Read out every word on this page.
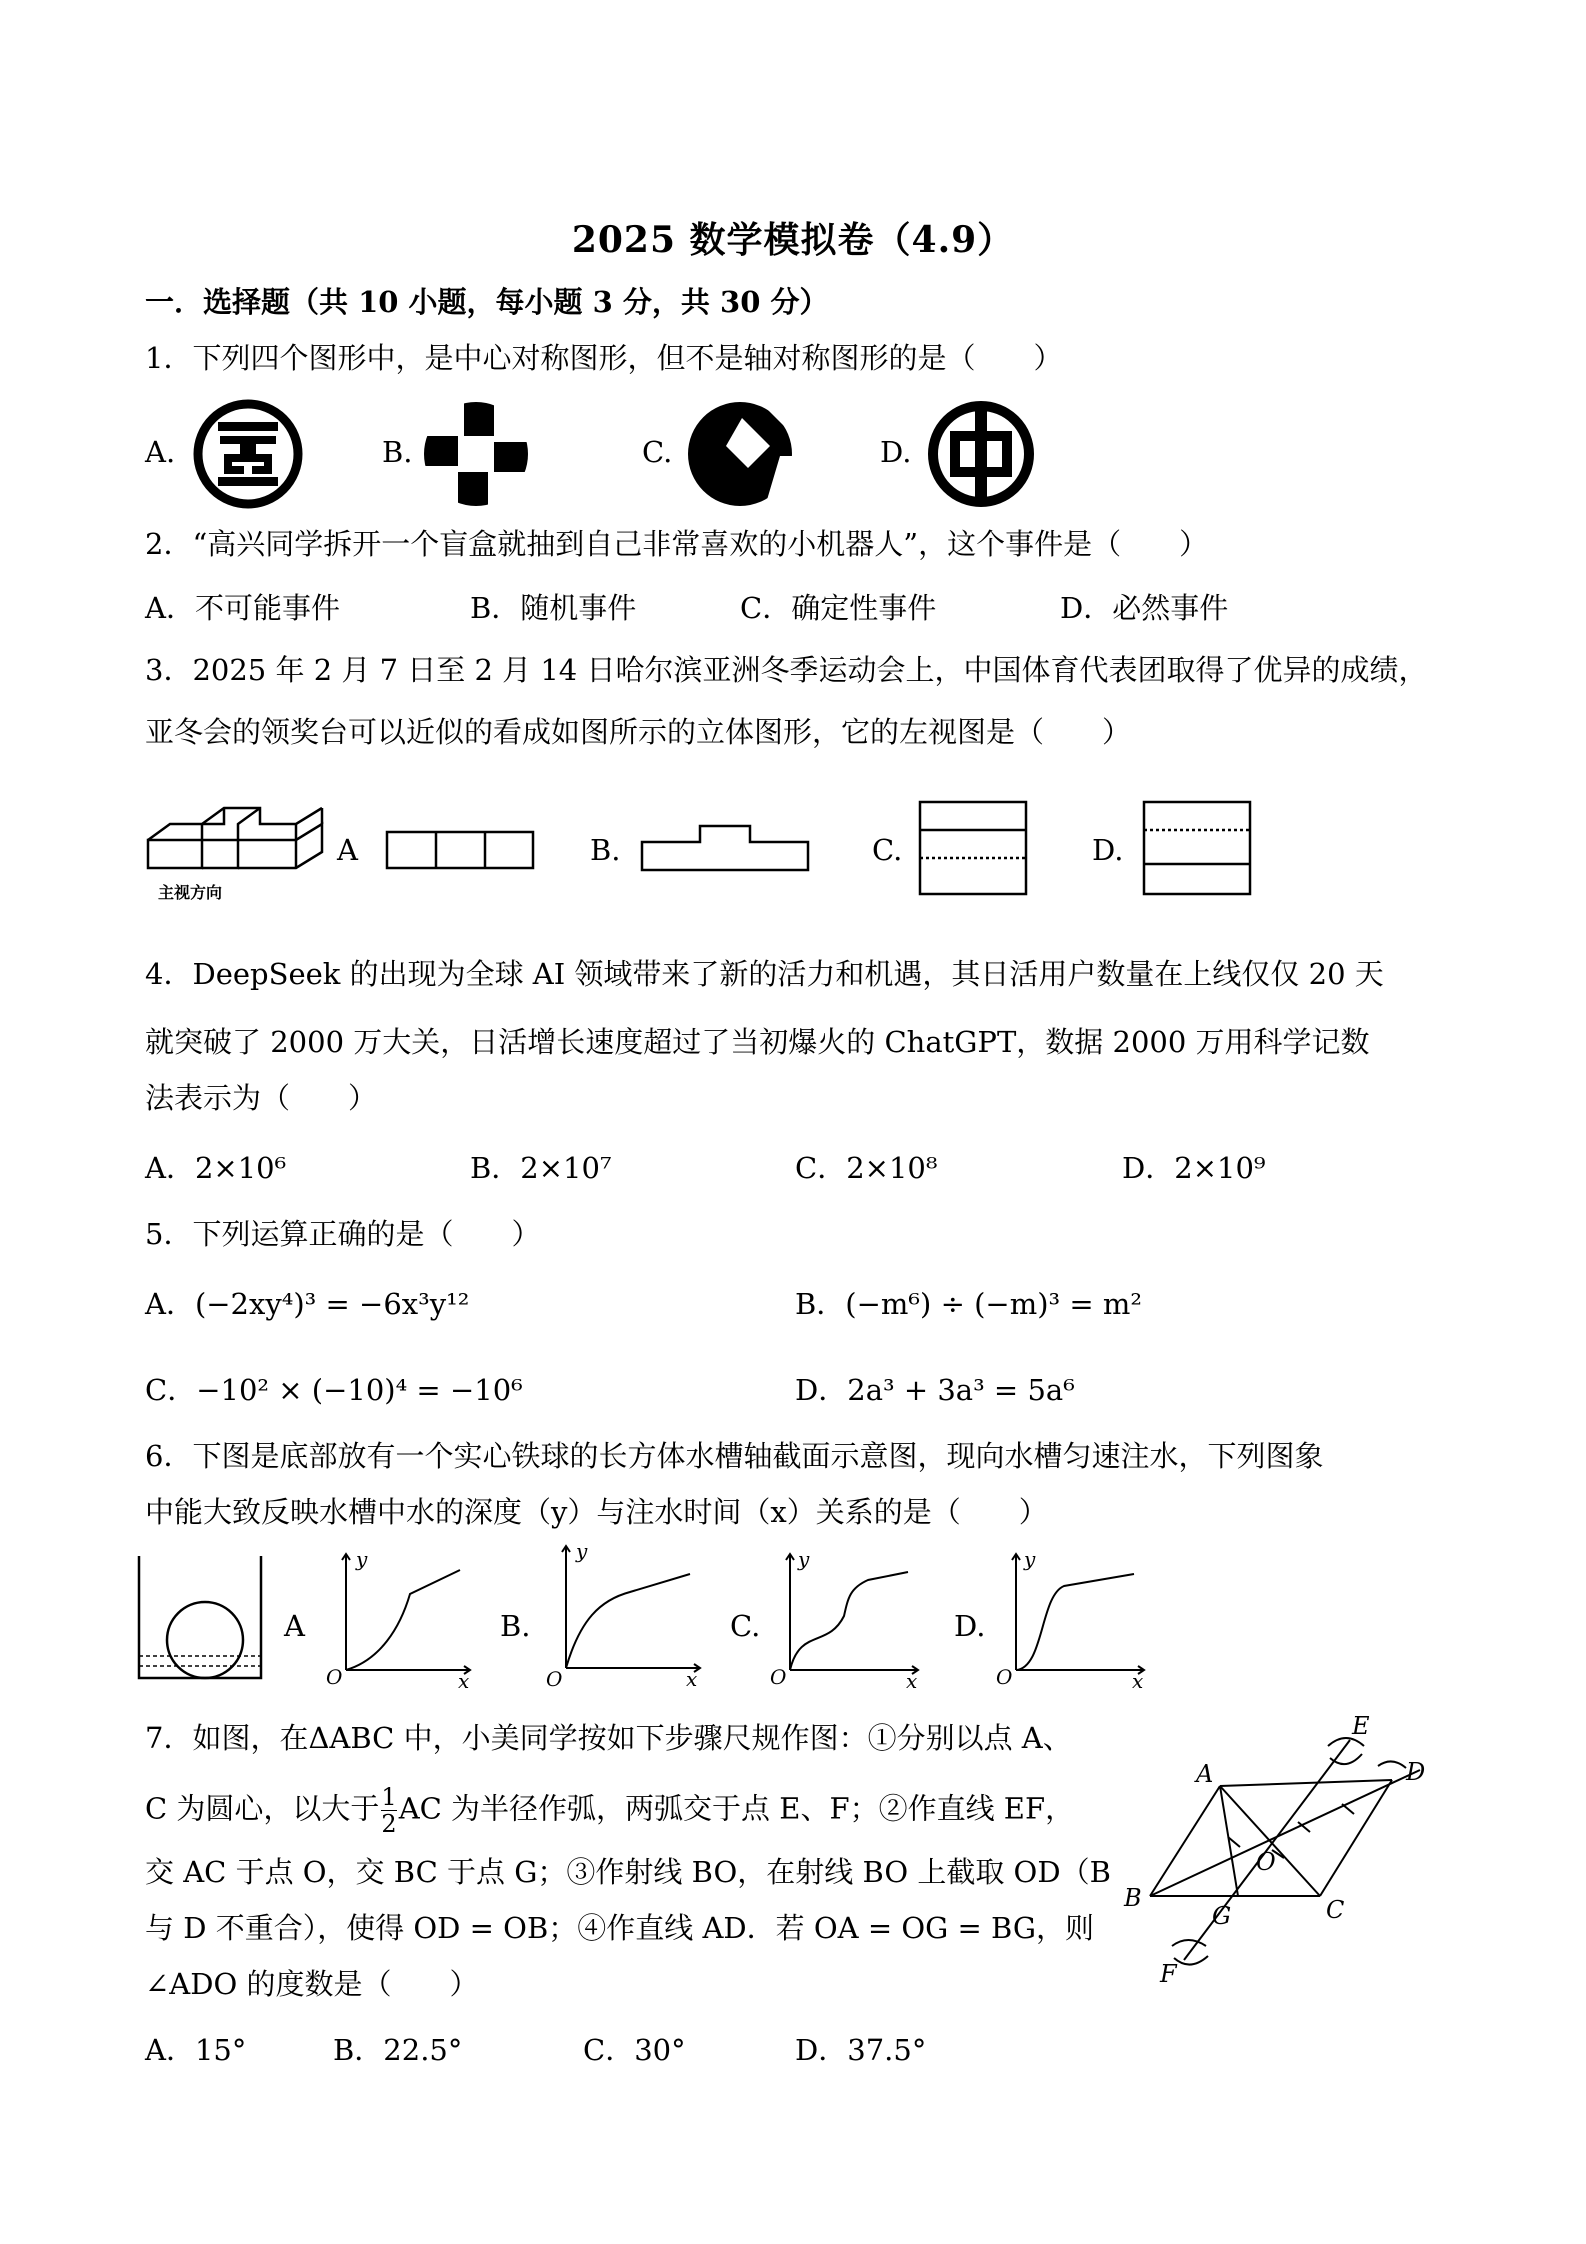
2025 数学模拟卷（4.9）
一．选择题（共 10 小题，每小题 3 分，共 30 分）
1．下列四个图形中，是中心对称图形，但不是轴对称图形的是（　　）
A.	B.	C.	D.
2．“高兴同学拆开一个盲盒就抽到自己非常喜欢的小机器人”，这个事件是（　　）
A．不可能事件	B．随机事件	C．确定性事件	D．必然事件
3．2025 年 2 月 7 日至 2 月 14 日哈尔滨亚洲冬季运动会上，中国体育代表团取得了优异的成绩，
亚冬会的领奖台可以近似的看成如图所示的立体图形，它的左视图是（　　）
主视方向
A	B.	C.	D.
4．DeepSeek 的出现为全球 AI 领域带来了新的活力和机遇，其日活用户数量在上线仅仅 20 天
就突破了 2000 万大关，日活增长速度超过了当初爆火的 ChatGPT，数据 2000 万用科学记数
法表示为（　　）
A．2×10⁶	B．2×10⁷	C．2×10⁸	D．2×10⁹
5．下列运算正确的是（　　）
A．(−2xy⁴)³ = −6x³y¹²	B．(−m⁶) ÷ (−m)³ = m²
C．−10² × (−10)⁴ = −10⁶	D．2a³ + 3a³ = 5a⁶
6．下图是底部放有一个实心铁球的长方体水槽轴截面示意图，现向水槽匀速注水，下列图象
中能大致反映水槽中水的深度（y）与注水时间（x）关系的是（　　）
A
y
x
O
B.
y
x
O
C.
y
x
O
D.
y
x
O
7．如图，在ΔABC 中，小美同学按如下步骤尺规作图：①分别以点 A、
C 为圆心，以大于 $\frac{1}{2}$ AC 为半径作弧，两弧交于点 E、F；②作直线 EF，
交 AC 于点 O，交 BC 于点 G；③作射线 BO，在射线 BO 上截取 OD（B
与 D 不重合），使得 OD = OB；④作直线 AD．若 OA = OG = BG，则
∠ADO 的度数是（　　）
A．15°	B．22.5°	C．30°	D．37.5°
E
A	D
O
B
G	C
F
